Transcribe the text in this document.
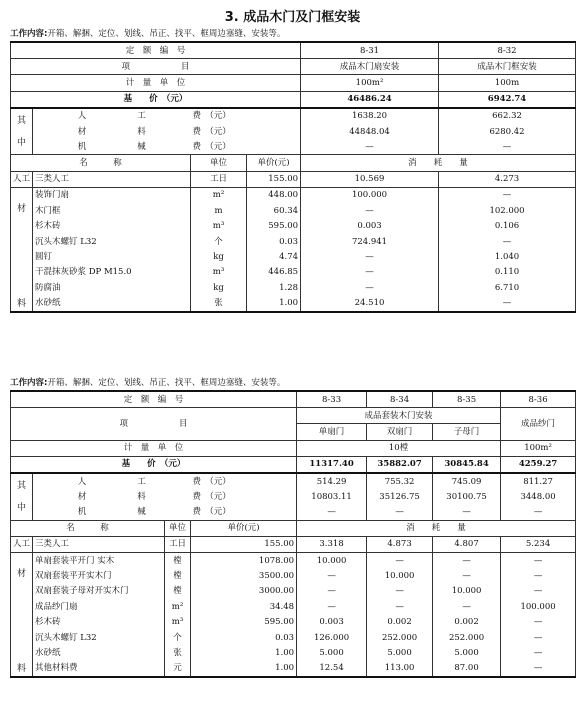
3. 成品木门及门框安装
工作内容:开箱、解捆、定位、划线、吊正、找平、框周边塞缝、安装等。
定　额　编　号				8-31	8-32
项　　　　　　目				成品木门扇安装	成品木门框安装
计　量　单　位				100m²	100m
基　　价　（元）				46486.24	6942.74

其
中	人　　　　　　工	费　（元）		1638.20	662.32
	材　　　　　　料	费　（元）		44848.04	6280.42
	机　　　　　　械	费　（元）		—	—
名　　　称		单位	单价(元)	消　　耗　　量	
人工	三类人工	工日	155.00	10.569	4.273

材
料	装饰门扇	m²	448.00	100.000	—
	木门框	m	60.34	—	102.000
	杉木砖	m³	595.00	0.003	0.106
	沉头木螺钉 L32	个	0.03	724.941	—
	圆钉	kg	4.74	—	1.040
	干混抹灰砂浆 DP M15.0	m³	446.85	—	0.110
	防腐油	kg	1.28	—	6.710
	水砂纸	张	1.00	24.510	—
工作内容:开箱、解捆、定位、划线、吊正、找平、框周边塞缝、安装等。
定　额　编　号				8-33	8-34	8-35	8-36
项　　　　　　目				成品套装木门安装			成品纱门
				单扇门	双扇门	子母门	
计　量　单　位				10樘			100m²
基　　价　（元）				11317.40	35882.07	30845.84	4259.27

其
中	人　　　　　　工		费　（元）	514.29	755.32	745.09	811.27
	材　　　　　　料		费　（元）	10803.11	35126.75	30100.75	3448.00
	机　　　　　　械		费　（元）	—	—	—	—
名　　　称		单位	单价(元)	消　　耗　　量			
人工	三类人工	工日	155.00	3.318	4.873	4.807	5.234

材
料	单扇套装平开门 实木	樘	1078.00	10.000	—	—	—
	双扇套装平开实木门	樘	3500.00	—	10.000	—	—
	双扇套装子母对开实木门	樘	3000.00	—	—	10.000	—
	成品纱门扇	m²	34.48	—	—	—	100.000
	杉木砖	m³	595.00	0.003	0.002	0.002	—
	沉头木螺钉 L32	个	0.03	126.000	252.000	252.000	—
	水砂纸	张	1.00	5.000	5.000	5.000	—
	其他材料费	元	1.00	12.54	113.00	87.00	—
